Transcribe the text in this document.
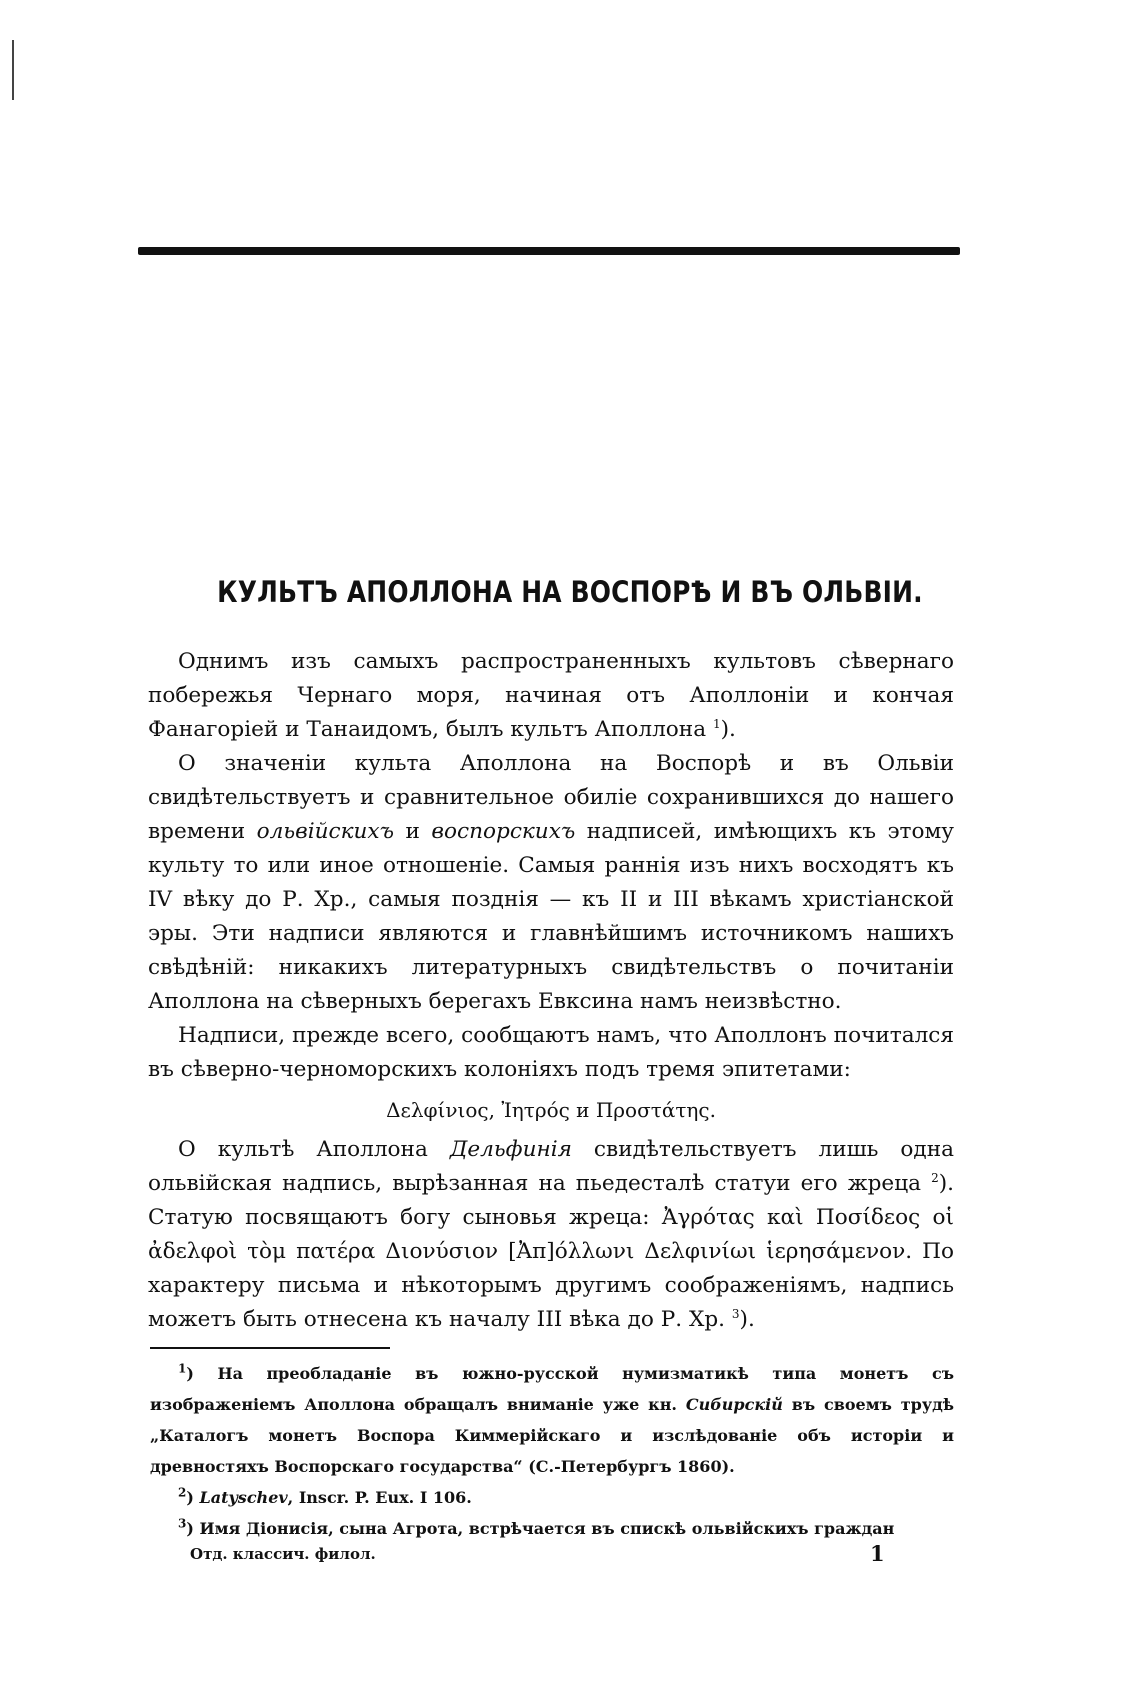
КУЛЬТЪ АПОЛЛОНА НА ВОСПОРѢ И ВЪ ОЛЬВІИ.

Однимъ изъ самыхъ распространенныхъ культовъ сѣвернаго побережья Чернаго моря, начиная отъ Аполлоніи и кончая Фанагоріей и Танаидомъ, былъ культъ Аполлона $^1$).

О значеніи культа Аполлона на Воспорѣ и въ Ольвіи свидѣтельствуетъ и сравнительное обиліе сохранившихся до нашего времени ольвійскихъ и воспорскихъ надписей, имѣющихъ къ этому культу то или иное отношеніе. Самыя раннія изъ нихъ восходятъ къ IV вѣку до Р. Хр., самыя позднія — къ II и III вѣкамъ христіанской эры. Эти надписи являются и главнѣйшимъ источникомъ нашихъ свѣдѣній: никакихъ литературныхъ свидѣтельствъ о почитаніи Аполлона на сѣверныхъ берегахъ Евксина намъ неизвѣстно.

Надписи, прежде всего, сообщаютъ намъ, что Аполлонъ почитался въ сѣверно-черноморскихъ колоніяхъ подъ тремя эпитетами:

Δελφίνιος, Ἰητρός и Προστάτης.

О культѣ Аполлона Дельфинія свидѣтельствуетъ лишь одна ольвійская надпись, вырѣзанная на пьедесталѣ статуи его жреца $^2$). Статую посвящаютъ богу сыновья жреца: Ἀγρότας καὶ Ποσίδεος οἱ ἀδελφοὶ τὸμ πατέρα Διονύσιον [Ἀπ]όλλωνι Δελφινίωι ἱερησάμενον. По характеру письма и нѣкоторымъ другимъ соображеніямъ, надпись можетъ быть отнесена къ началу III вѣка до Р. Хр. $^3$).

$^1$) На преобладаніе въ южно-русской нумизматикѣ типа монетъ съ изображеніемъ Аполлона обращалъ вниманіе уже кн. Сибирскій въ своемъ трудѣ „Каталогъ монетъ Воспора Киммерійскаго и изслѣдованіе объ исторіи и древностяхъ Воспорскаго государства“ (С.-Петербургъ 1860).

$^2$) Latyschev, Inscr. P. Eux. I 106.

$^3$) Имя Діонисія, сына Агрота, встрѣчается въ спискѣ ольвійскихъ граждан

Отд. классич. филол.	1
